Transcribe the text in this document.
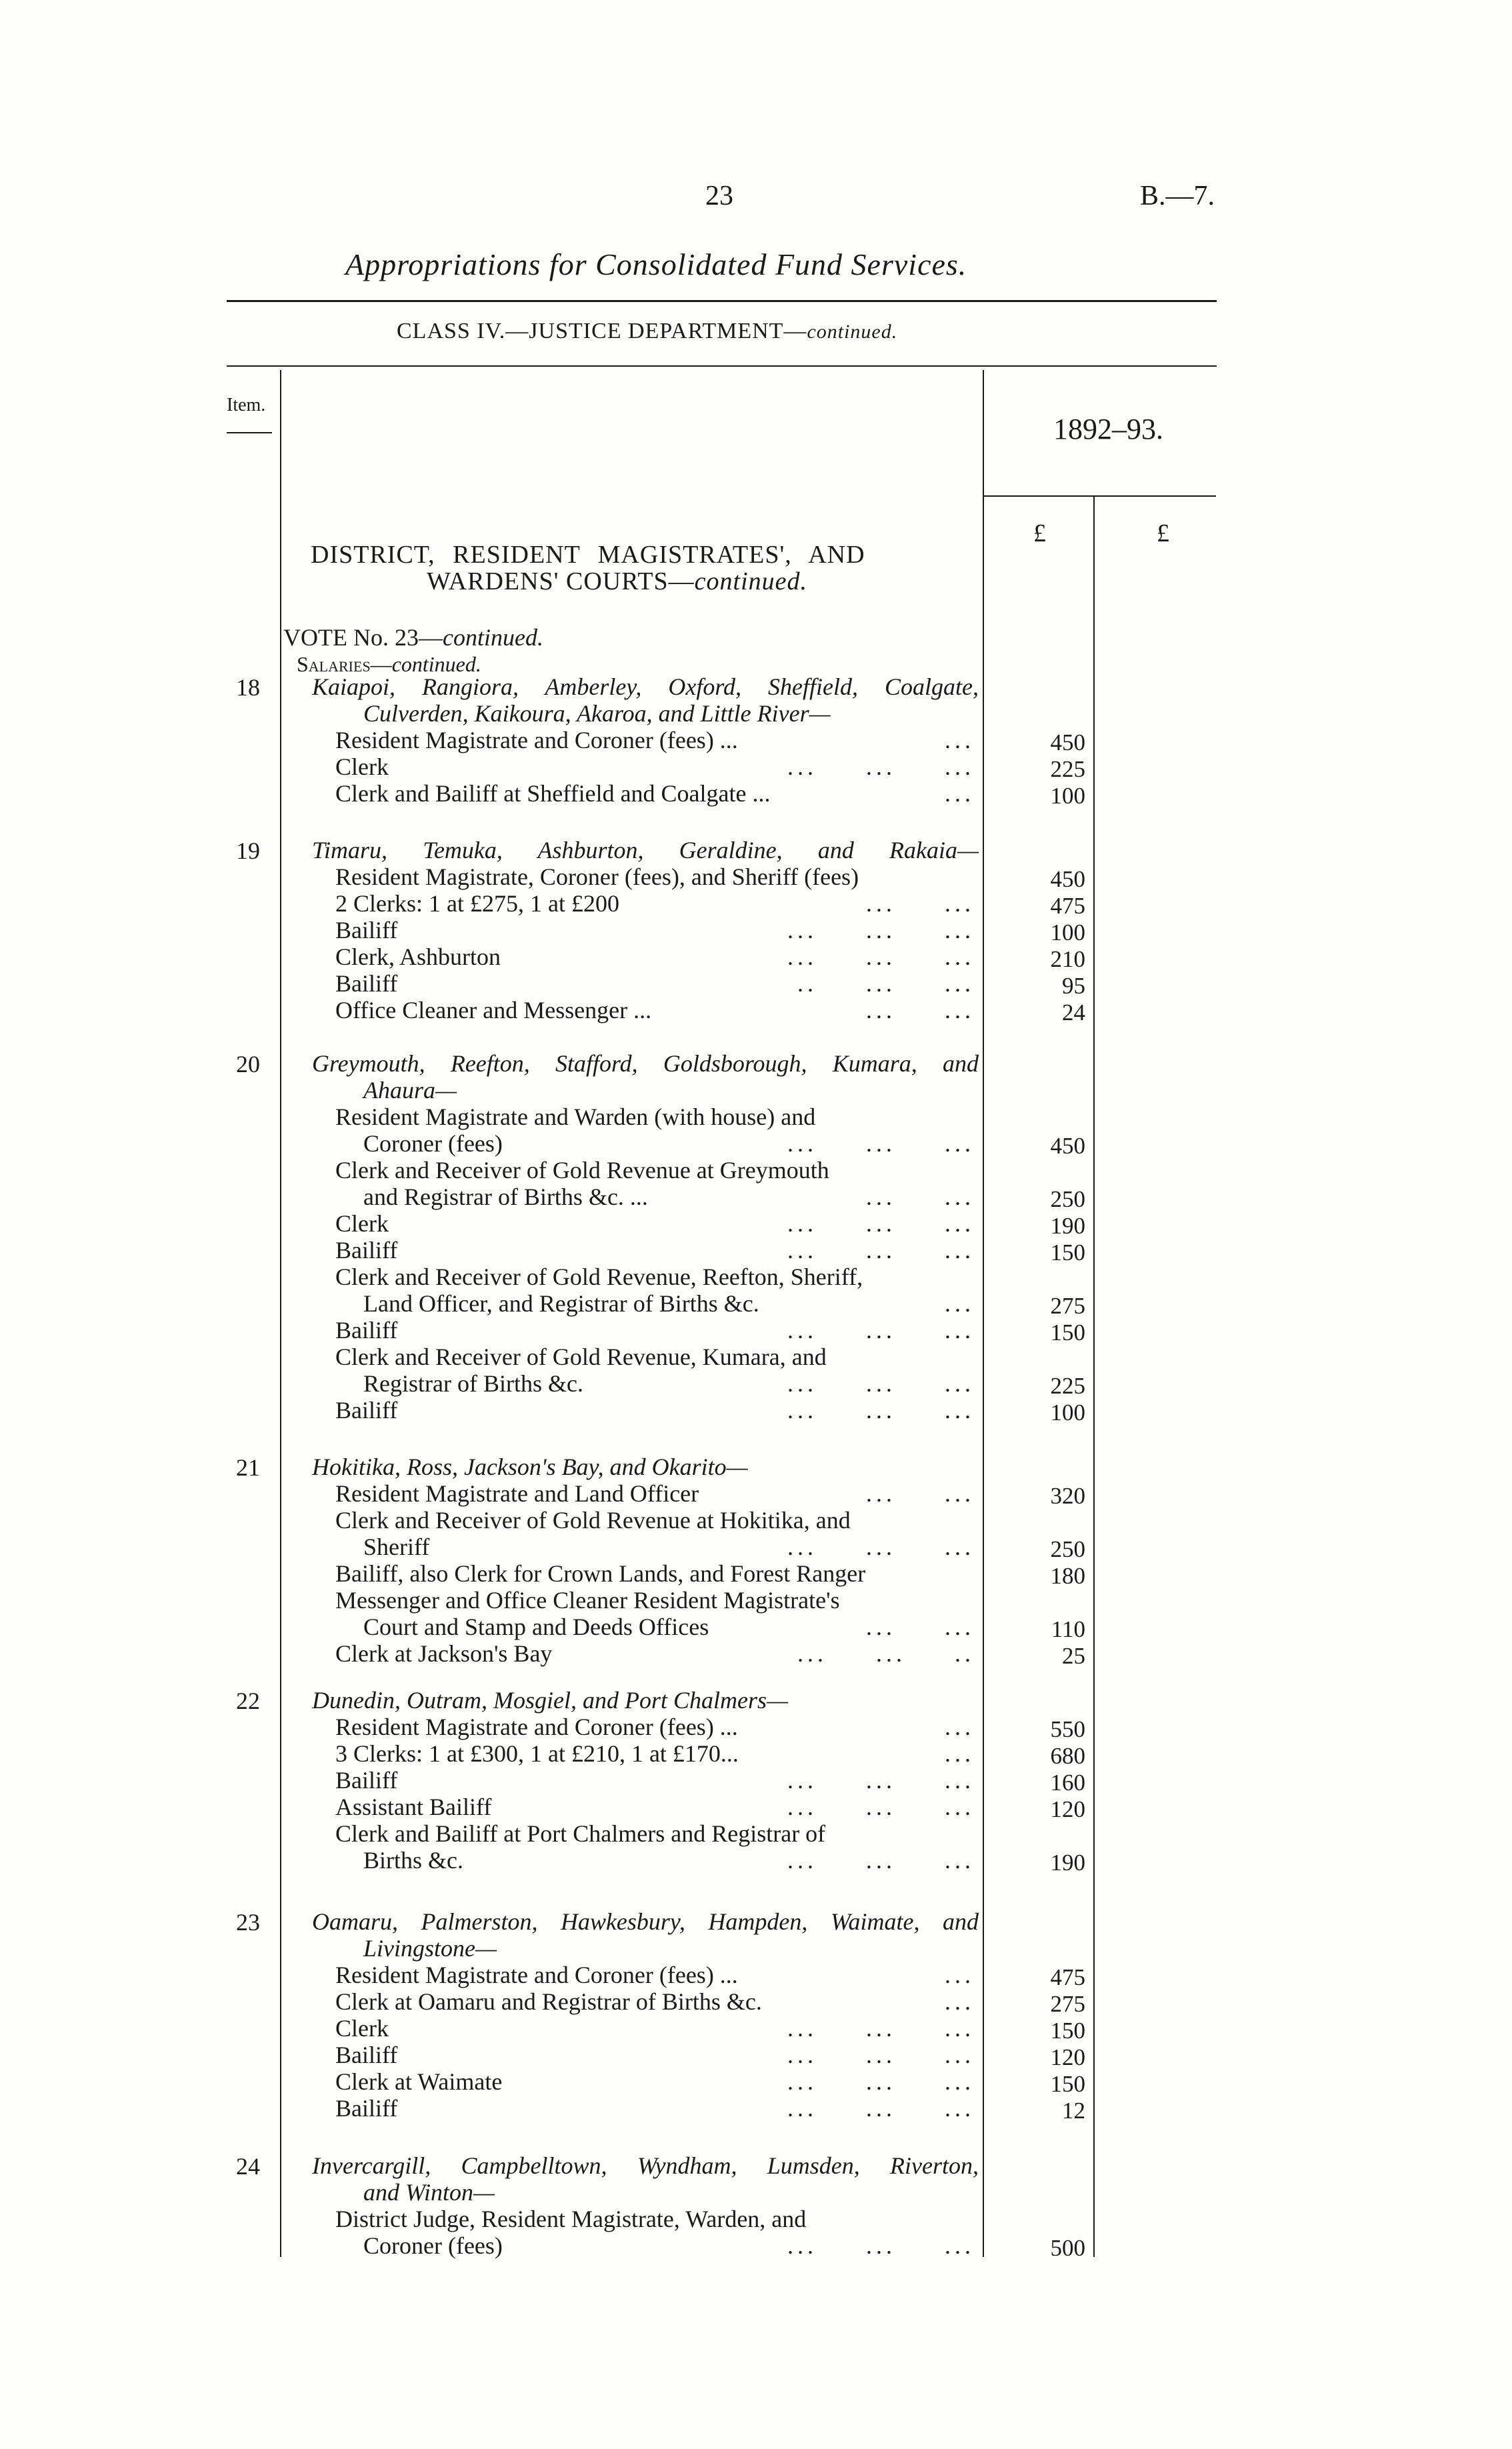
23	B.—7.
Appropriations for Consolidated Fund Services.
CLASS IV.—JUSTICE DEPARTMENT—continued.
Item.
1892–93.
£	£
DISTRICT, RESIDENT MAGISTRATES', AND
WARDENS' COURTS—continued.
VOTE No. 23—continued.
Salaries—continued.
18 Kaiapoi, Rangiora, Amberley, Oxford, Sheffield, Coalgate,
Culverden, Kaikoura, Akaroa, and Little River—
Resident Magistrate and Coroner (fees) ...	...	450
Clerk	... ... ...	225
Clerk and Bailiff at Sheffield and Coalgate ...	...	100
19 Timaru, Temuka, Ashburton, Geraldine, and Rakaia—
Resident Magistrate, Coroner (fees), and Sheriff (fees)	450
2 Clerks: 1 at £275, 1 at £200	... ...	475
Bailiff	... ... ...	100
Clerk, Ashburton	... ... ...	210
Bailiff	.. ... ...	95
Office Cleaner and Messenger ...	... ...	24
20 Greymouth, Reefton, Stafford, Goldsborough, Kumara, and
Ahaura—
Resident Magistrate and Warden (with house) and
Coroner (fees)	... ... ...	450
Clerk and Receiver of Gold Revenue at Greymouth
and Registrar of Births &c. ...	... ...	250
Clerk	... ... ...	190
Bailiff	... ... ...	150
Clerk and Receiver of Gold Revenue, Reefton, Sheriff,
Land Officer, and Registrar of Births &c.	...	275
Bailiff	... ... ...	150
Clerk and Receiver of Gold Revenue, Kumara, and
Registrar of Births &c.	... ... ...	225
Bailiff	... ... ...	100
21 Hokitika, Ross, Jackson's Bay, and Okarito—
Resident Magistrate and Land Officer	... ...	320
Clerk and Receiver of Gold Revenue at Hokitika, and
Sheriff	... ... ...	250
Bailiff, also Clerk for Crown Lands, and Forest Ranger	180
Messenger and Office Cleaner Resident Magistrate's
Court and Stamp and Deeds Offices	... ...	110
Clerk at Jackson's Bay	... ... ..	25
22 Dunedin, Outram, Mosgiel, and Port Chalmers—
Resident Magistrate and Coroner (fees) ...	...	550
3 Clerks: 1 at £300, 1 at £210, 1 at £170...	...	680
Bailiff	... ... ...	160
Assistant Bailiff	... ... ...	120
Clerk and Bailiff at Port Chalmers and Registrar of
Births &c.	... ... ...	190
23 Oamaru, Palmerston, Hawkesbury, Hampden, Waimate, and
Livingstone—
Resident Magistrate and Coroner (fees) ...	...	475
Clerk at Oamaru and Registrar of Births &c.	...	275
Clerk	... ... ...	150
Bailiff	... ... ...	120
Clerk at Waimate	... ... ...	150
Bailiff	... ... ...	12
24 Invercargill, Campbelltown, Wyndham, Lumsden, Riverton,
and Winton—
District Judge, Resident Magistrate, Warden, and
Coroner (fees)	... ... ...	500
